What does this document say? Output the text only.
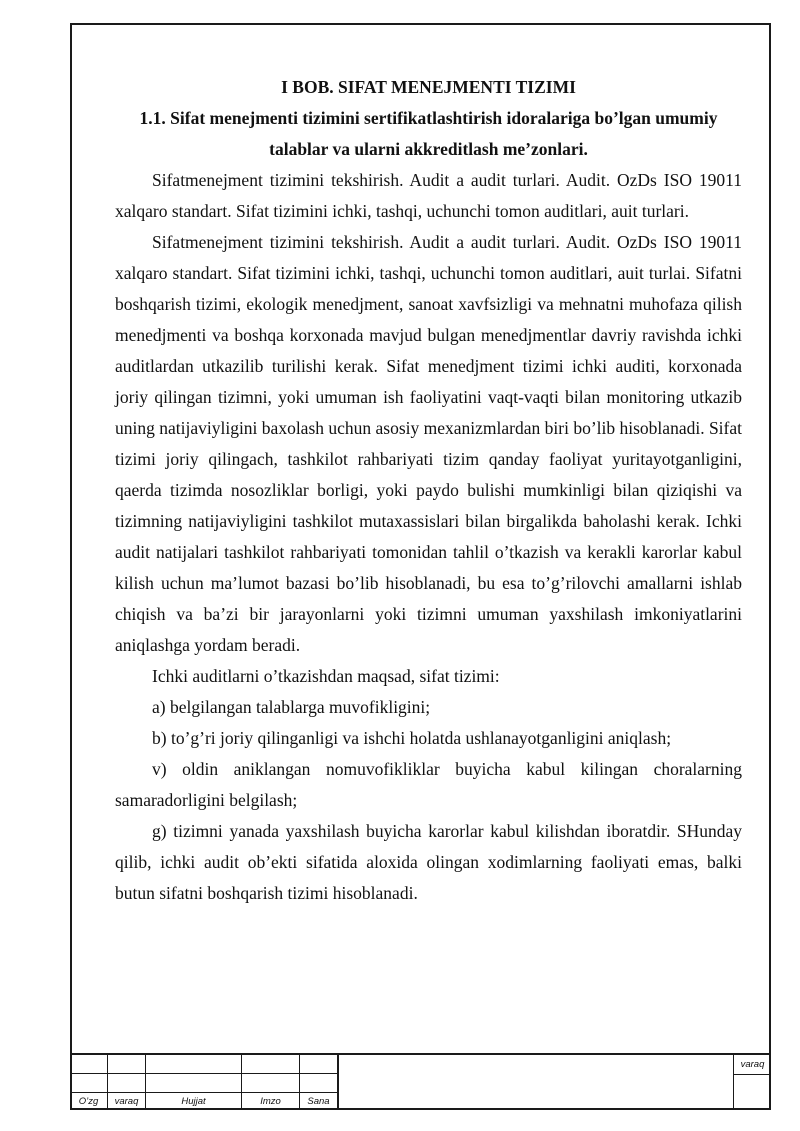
I BOB. SIFAT MENEJMENTI TIZIMI

1.1. Sifat menejmenti tizimini sertifikatlashtirish idoralariga bo’lgan umumiy

talablar va ularni akkreditlash me’zonlari.

Sifatmenejment tizimini tekshirish. Audit a audit turlari. Audit. OzDs ISO 19011 xalqaro standart. Sifat tizimini ichki, tashqi, uchunchi tomon auditlari, auit turlari.

Sifatmenejment tizimini tekshirish. Audit a audit turlari. Audit. OzDs ISO 19011 xalqaro standart. Sifat tizimini ichki, tashqi, uchunchi tomon auditlari, auit turlai. Sifatni boshqarish tizimi, ekologik menedjment, sanoat xavfsizligi va mehnatni muhofaza qilish menedjmenti va boshqa korxonada mavjud bulgan menedjmentlar davriy ravishda ichki auditlardan utkazilib turilishi kerak. Sifat menedjment tizimi ichki auditi, korxonada joriy qilingan tizimni, yoki umuman ish faoliyatini vaqt-vaqti bilan monitoring utkazib uning natijaviyligini baxolash uchun asosiy mexanizmlardan biri bo’lib hisoblanadi. Sifat tizimi joriy qilingach, tashkilot rahbariyati tizim qanday faoliyat yuritayotganligini, qaerda tizimda nosozliklar borligi, yoki paydo bulishi mumkinligi bilan qiziqishi va tizimning natijaviyligini tashkilot mutaxassislari bilan birgalikda baholashi kerak. Ichki audit natijalari tashkilot rahbariyati tomonidan tahlil o’tkazish va kerakli karorlar kabul kilish uchun ma’lumot bazasi bo’lib hisoblanadi, bu esa to’g’rilovchi amallarni ishlab chiqish va ba’zi bir jarayonlarni yoki tizimni umuman yaxshilash imkoniyatlarini aniqlashga yordam beradi.

Ichki auditlarni o’tkazishdan maqsad, sifat tizimi:

a) belgilangan talablarga muvofikligini;

b) to’g’ri joriy qilinganligi va ishchi holatda ushlanayotganligini aniqlash;

v) oldin aniklangan nomuvofikliklar buyicha kabul kilingan choralarning samaradorligini belgilash;

g) tizimni yanada yaxshilash buyicha karorlar kabul kilishdan iboratdir. SHunday qilib, ichki audit ob’ekti sifatida aloxida olingan xodimlarning faoliyati emas, balki butun sifatni boshqarish tizimi hisoblanadi.

O’zg	varaq	Hujjat	Imzo	Sana
varaq
